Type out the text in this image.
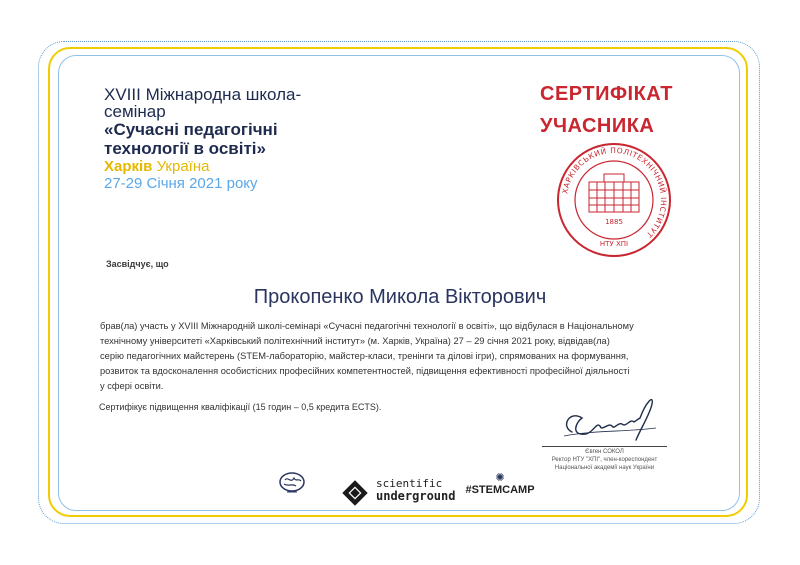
XVIII Міжнародна школа-
семінар
«Сучасні педагогічні
технології в освіті»
Харків Україна
27-29 Січня 2021 року
СЕРТИФІКАТ
УЧАСНИКА
ХАРКІВСЬКИЙ ПОЛІТЕХНІЧНИЙ ІНСТИТУТ
1885
НТУ ХПІ
Засвідчує, що
Прокопенко Микола Вікторович
брав(ла) участь у XVIII Міжнародній школі-семінарі «Сучасні педагогічні технології в освіті», що відбулася в Національному
технічному університеті «Харківський політехнічний інститут» (м. Харків, Україна) 27 – 29 січня 2021 року, відвідав(ла)
серію педагогічних майстерень (STEM-лабораторію, майстер-класи, тренінги та ділові ігри), спрямованих на формування,
розвиток та вдосконалення особистісних професійних компетентностей, підвищення ефективності професійної діяльності
у сфері освіти.
Сертифікує підвищення кваліфікації (15 годин – 0,5 кредита ECTS).
Євген СОКОЛ
Ректор НТУ "ХПІ", член-кореспондент
Національної академії наук України
scientific
underground
✺
#STEMCAMP
